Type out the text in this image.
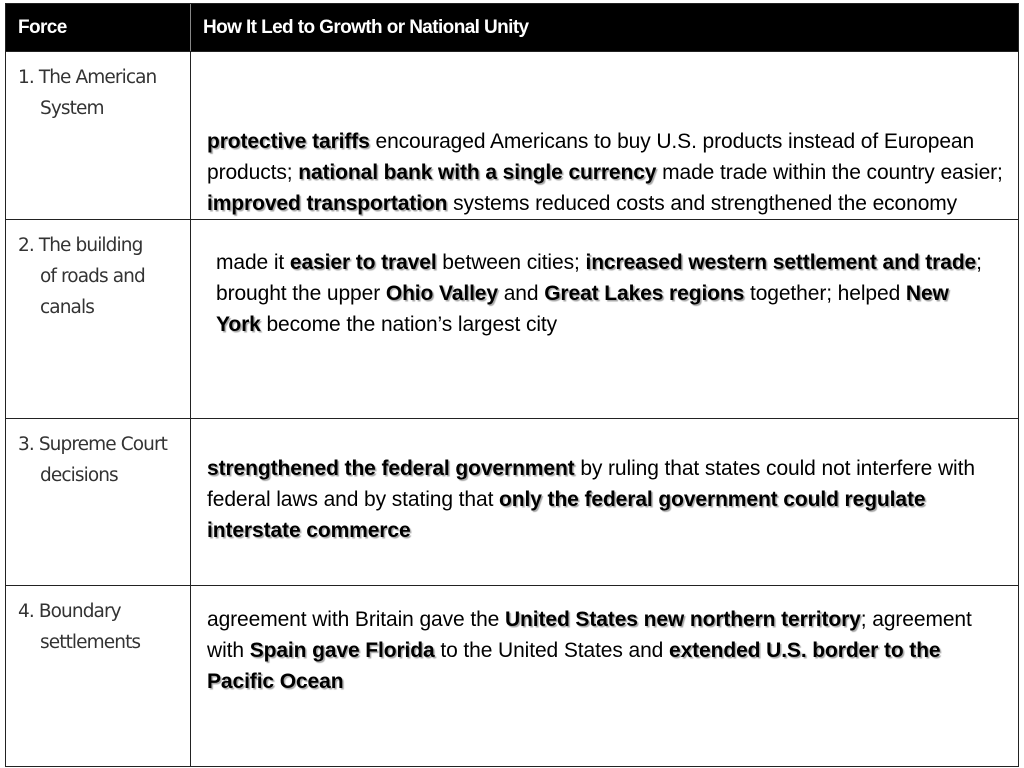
Force	How It Led to Growth or National Unity
1. The American
System
protective tariffs encouraged Americans to buy U.S. products instead of European products; national bank with a single currency made trade within the country easier; improved transportation systems reduced costs and strengthened the economy
2. The building
of roads and
canals
made it easier to travel between cities; increased western settlement and trade; brought the upper Ohio Valley and Great Lakes regions together; helped New York become the nation’s largest city
3. Supreme Court
decisions	strengthened the federal government by ruling that states could not interfere with federal laws and by stating that only the federal government could regulate interstate commerce
4. Boundary
settlements
agreement with Britain gave the United States new northern territory; agreement with Spain gave Florida to the United States and extended U.S. border to the Pacific Ocean
